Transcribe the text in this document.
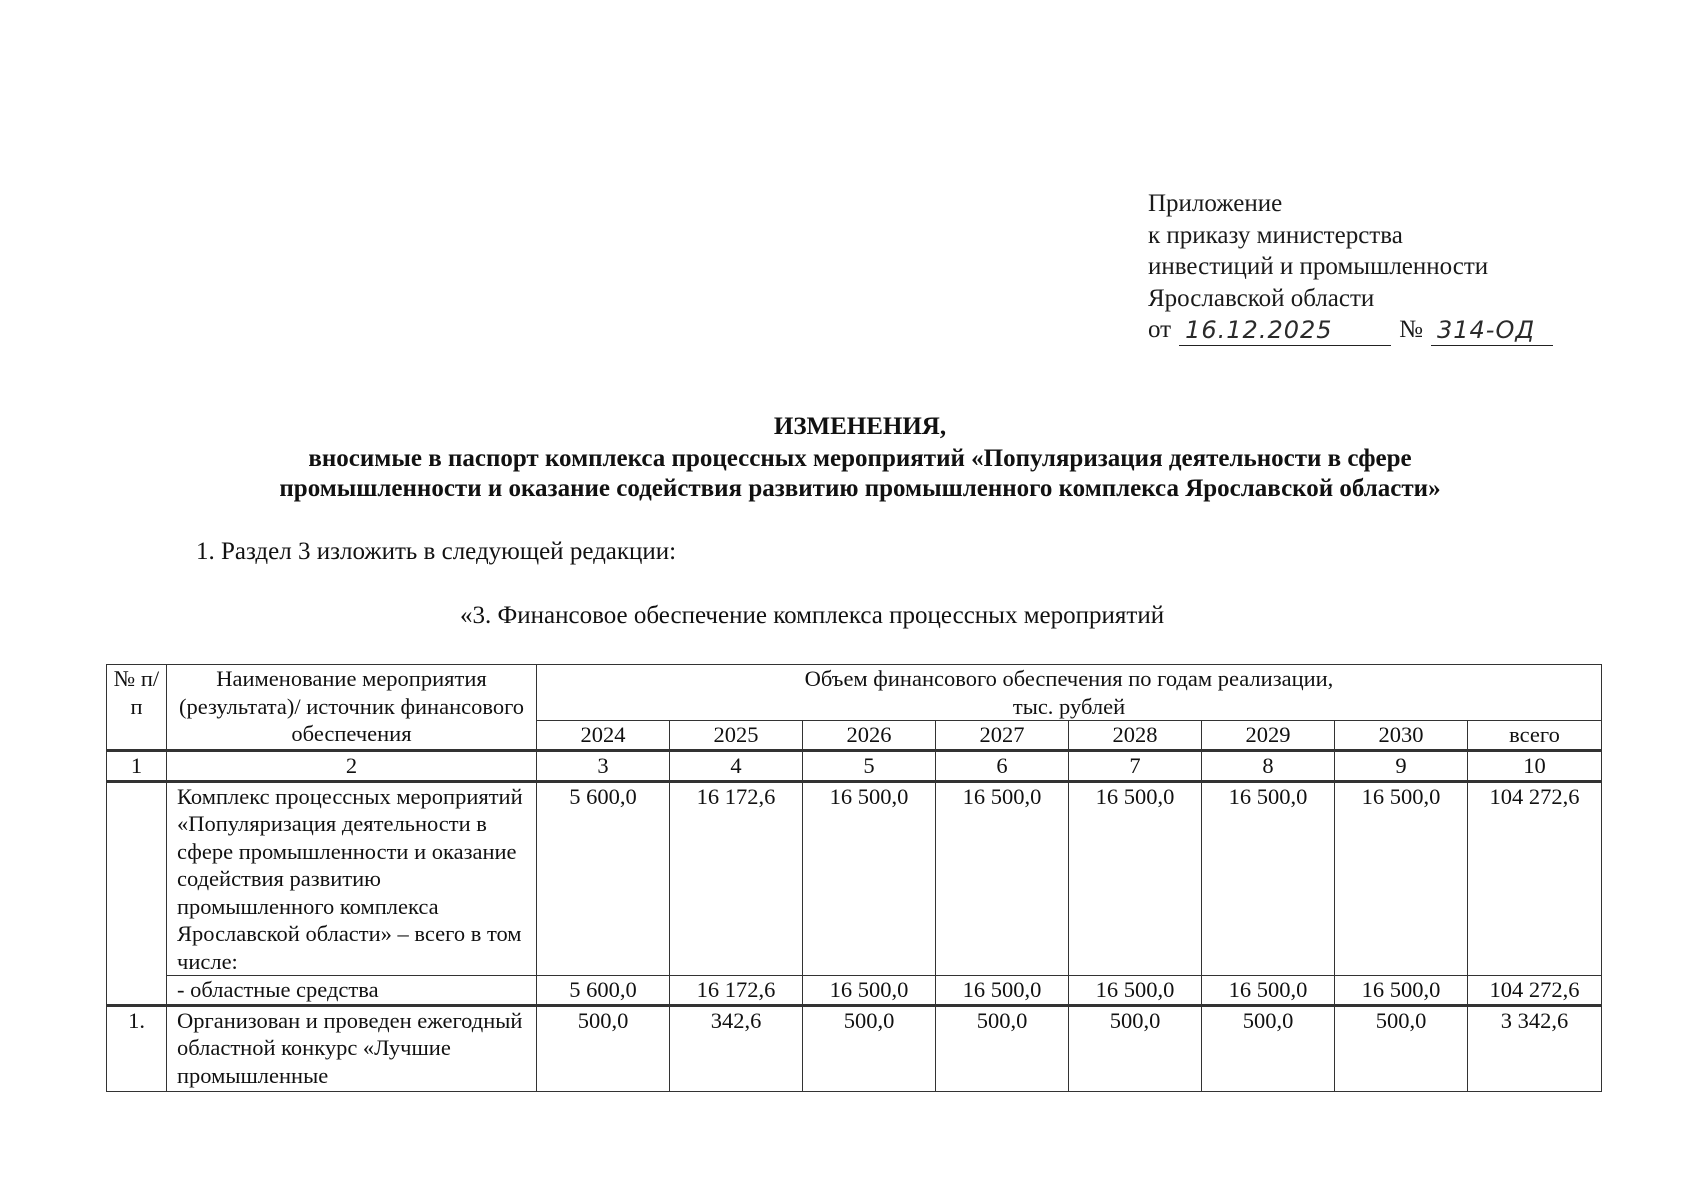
Приложение
к приказу министерства
инвестиций и промышленности
Ярославской области
от 16.12.2025	№ 314-ОД
ИЗМЕНЕНИЯ,
вносимые в паспорт комплекса процессных мероприятий «Популяризация деятельности в сфере
промышленности и оказание содействия развитию промышленного комплекса Ярославской области»
1. Раздел 3 изложить в следующей редакции:
«3. Финансовое обеспечение комплекса процессных мероприятий
№ п/п	Наименование мероприятия (результата)/ источник финансового обеспечения	Объем финансового обеспечения по годам реализации,
тыс. рублей							

		2024	2025	2026	2027	2028	2029	2030	всего
1	2	3	4	5	6	7	8	9	10
	Комплекс процессных мероприятий «Популяризация деятельности в сфере промышленности и оказание содействия развитию промышленного комплекса Ярославской области» – всего в том числе:	5 600,0	16 172,6	16 500,0	16 500,0	16 500,0	16 500,0	16 500,0	104 272,6
	- областные средства	5 600,0	16 172,6	16 500,0	16 500,0	16 500,0	16 500,0	16 500,0	104 272,6
1.	Организован и проведен ежегодный областной конкурс «Лучшие промышленные	500,0	342,6	500,0	500,0	500,0	500,0	500,0	3 342,6
